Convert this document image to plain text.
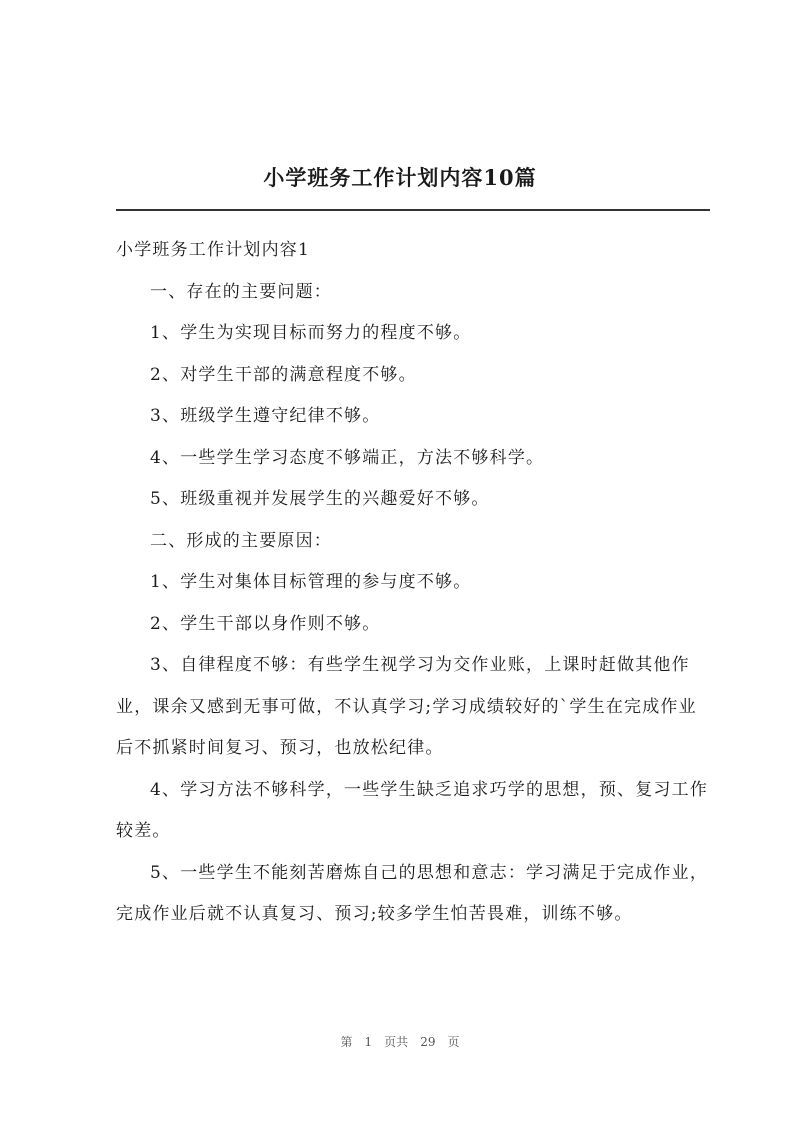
小学班务工作计划内容10篇

小学班务工作计划内容1

一、存在的主要问题：

1、学生为实现目标而努力的程度不够。

2、对学生干部的满意程度不够。

3、班级学生遵守纪律不够。

4、一些学生学习态度不够端正，方法不够科学。

5、班级重视并发展学生的兴趣爱好不够。

二、形成的主要原因：

1、学生对集体目标管理的参与度不够。

2、学生干部以身作则不够。

3、自律程度不够：有些学生视学习为交作业账，上课时赶做其他作业，课余又感到无事可做，不认真学习;学习成绩较好的`学生在完成作业后不抓紧时间复习、预习，也放松纪律。

4、学习方法不够科学，一些学生缺乏追求巧学的思想，预、复习工作较差。

5、一些学生不能刻苦磨炼自己的思想和意志：学习满足于完成作业，完成作业后就不认真复习、预习;较多学生怕苦畏难，训练不够。

第 1 页共 29 页
